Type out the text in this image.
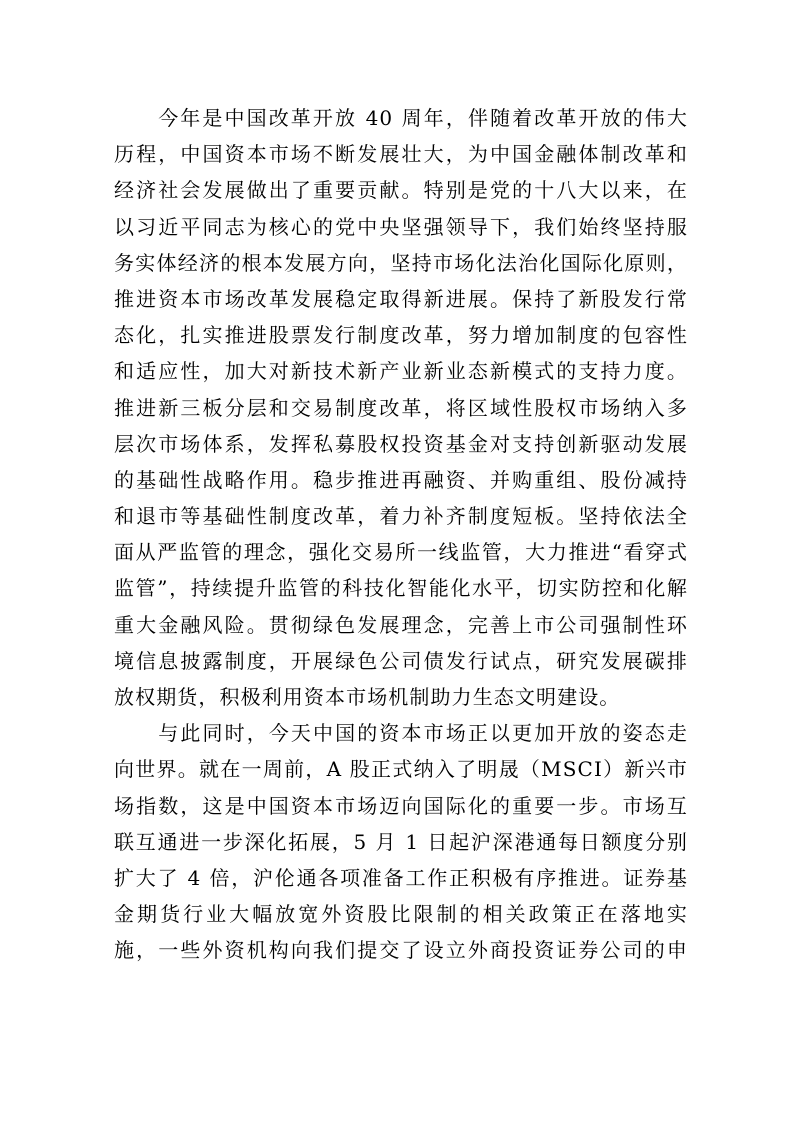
　　今年是中国改革开放 40 周年，伴随着改革开放的伟大
历程，中国资本市场不断发展壮大，为中国金融体制改革和
经济社会发展做出了重要贡献。特别是党的十八大以来，在
以习近平同志为核心的党中央坚强领导下，我们始终坚持服
务实体经济的根本发展方向，坚持市场化法治化国际化原则，
推进资本市场改革发展稳定取得新进展。保持了新股发行常
态化，扎实推进股票发行制度改革，努力增加制度的包容性
和适应性，加大对新技术新产业新业态新模式的支持力度。
推进新三板分层和交易制度改革，将区域性股权市场纳入多
层次市场体系，发挥私募股权投资基金对支持创新驱动发展
的基础性战略作用。稳步推进再融资、并购重组、股份减持
和退市等基础性制度改革，着力补齐制度短板。坚持依法全
面从严监管的理念，强化交易所一线监管，大力推进“看穿式
监管”，持续提升监管的科技化智能化水平，切实防控和化解
重大金融风险。贯彻绿色发展理念，完善上市公司强制性环
境信息披露制度，开展绿色公司债发行试点，研究发展碳排
放权期货，积极利用资本市场机制助力生态文明建设。
　　与此同时，今天中国的资本市场正以更加开放的姿态走
向世界。就在一周前，A 股正式纳入了明晟（MSCI）新兴市
场指数，这是中国资本市场迈向国际化的重要一步。市场互
联互通进一步深化拓展，5 月 1 日起沪深港通每日额度分别
扩大了 4 倍，沪伦通各项准备工作正积极有序推进。证券基
金期货行业大幅放宽外资股比限制的相关政策正在落地实
施，一些外资机构向我们提交了设立外商投资证券公司的申
